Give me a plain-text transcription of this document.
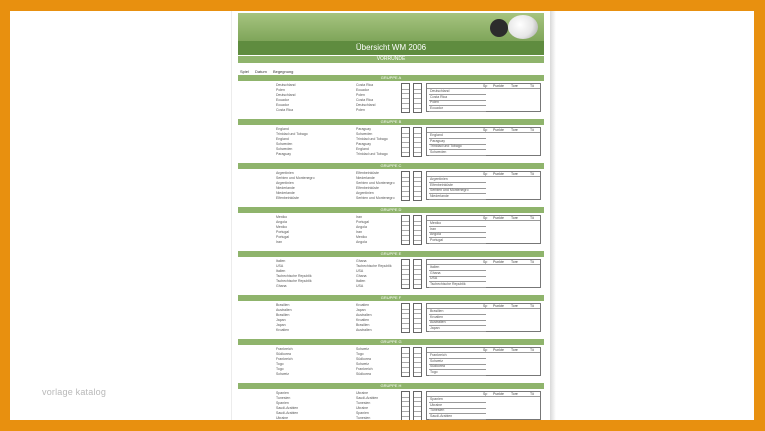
Übersicht WM 2006
VORRUNDE
Spiel Datum Begegnung
GRUPPE A
Deutschland	Costa Rica
Polen	Ecuador
Deutschland	Polen
Ecuador	Costa Rica
Ecuador	Deutschland
Costa Rica	Polen
Sp Punkte Tore	Tö
Deutschland
Costa Rica
Polen
Ecuador
GRUPPE B
England	Paraguay
Trinidad und Tobago	Schweden
England	Trinidad und Tobago
Schweden	Paraguay
Schweden	England
Paraguay	Trinidad und Tobago
Sp Punkte Tore	Tö
England
Paraguay
Trinidad und Tobago
Schweden
GRUPPE C
Argentinien	Elfenbeinküste
Serbien und Montenegro	Niederlande
Argentinien	Serbien und Montenegro
Niederlande	Elfenbeinküste
Niederlande	Argentinien
Elfenbeinküste	Serbien und Montenegro
Sp Punkte Tore	Tö
Argentinien
Elfenbeinküste
Serbien und Montenegro
Niederlande
GRUPPE D
Mexiko	Iran
Angola	Portugal
Mexiko	Angola
Portugal	Iran
Portugal	Mexiko
Iran	Angola
Sp Punkte Tore	Tö
Mexiko
Iran
Angola
Portugal
GRUPPE E
Italien	Ghana
USA	Tschechische Republik
Italien	USA
Tschechische Republik	Ghana
Tschechische Republik	Italien
Ghana	USA
Sp Punkte Tore	Tö
Italien
Ghana
USA
Tschechische Republik
GRUPPE F
Brasilien	Kroatien
Australien	Japan
Brasilien	Australien
Japan	Kroatien
Japan	Brasilien
Kroatien	Australien
Sp Punkte Tore	Tö
Brasilien
Kroatien
Australien
Japan
GRUPPE G
Frankreich	Schweiz
Südkorea	Togo
Frankreich	Südkorea
Togo	Schweiz
Togo	Frankreich
Schweiz	Südkorea
Sp Punkte Tore	Tö
Frankreich
Schweiz
Südkorea
Togo
GRUPPE H
Spanien	Ukraine
Tunesien	Saudi-Arabien
Spanien	Tunesien
Saudi-Arabien	Ukraine
Saudi-Arabien	Spanien
Ukraine	Tunesien
Sp Punkte Tore	Tö
Spanien
Ukraine
Tunesien
Saudi-Arabien
vorlage katalog
